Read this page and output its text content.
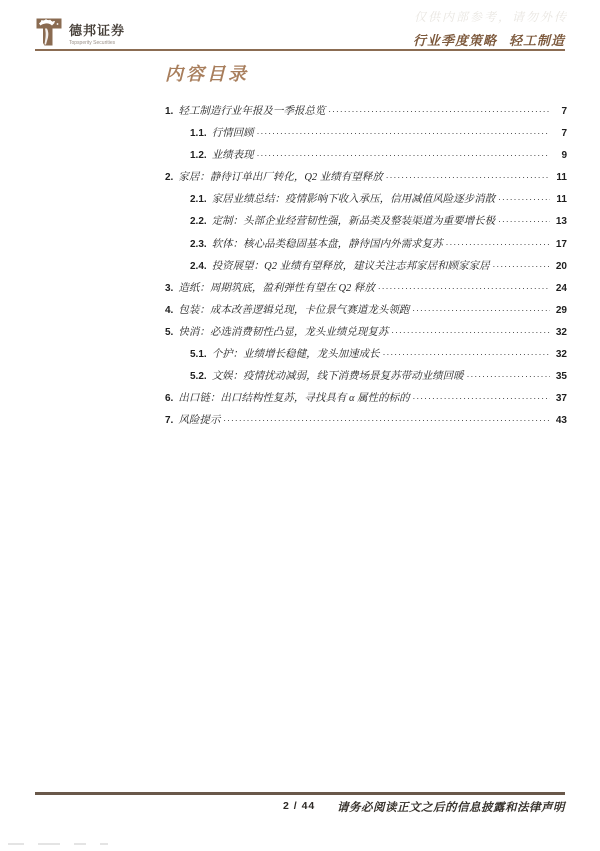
仅供内部参考，请勿外传
德邦证券
Topsperity Securities	行业季度策略 轻工制造
内容目录
1. 轻工制造行业年报及一季报总览 .....	7
1.1. 行情回顾 .....	7
1.2. 业绩表现 .....	9
2. 家居：静待订单出厂转化，Q2 业绩有望释放 .....	11
2.1. 家居业绩总结：疫情影响下收入承压，信用减值风险逐步消散 .....	11
2.2. 定制：头部企业经营韧性强，新品类及整装渠道为重要增长极 .....	13
2.3. 软体：核心品类稳固基本盘，静待国内外需求复苏 .....	17
2.4. 投资展望：Q2 业绩有望释放，建议关注志邦家居和顾家家居 .....	20
3. 造纸：周期筑底，盈利弹性有望在 Q2 释放 .....	24
4. 包装：成本改善逻辑兑现，卡位景气赛道龙头领跑 .....	29
5. 快消：必选消费韧性凸显，龙头业绩兑现复苏 .....	32
5.1. 个护：业绩增长稳健，龙头加速成长 .....	32
5.2. 文娱：疫情扰动减弱，线下消费场景复苏带动业绩回暖 .....	35
6. 出口链：出口结构性复苏，寻找具有 α 属性的标的 .....	37
7. 风险提示 .....	43
2 / 44 请务必阅读正文之后的信息披露和法律声明
